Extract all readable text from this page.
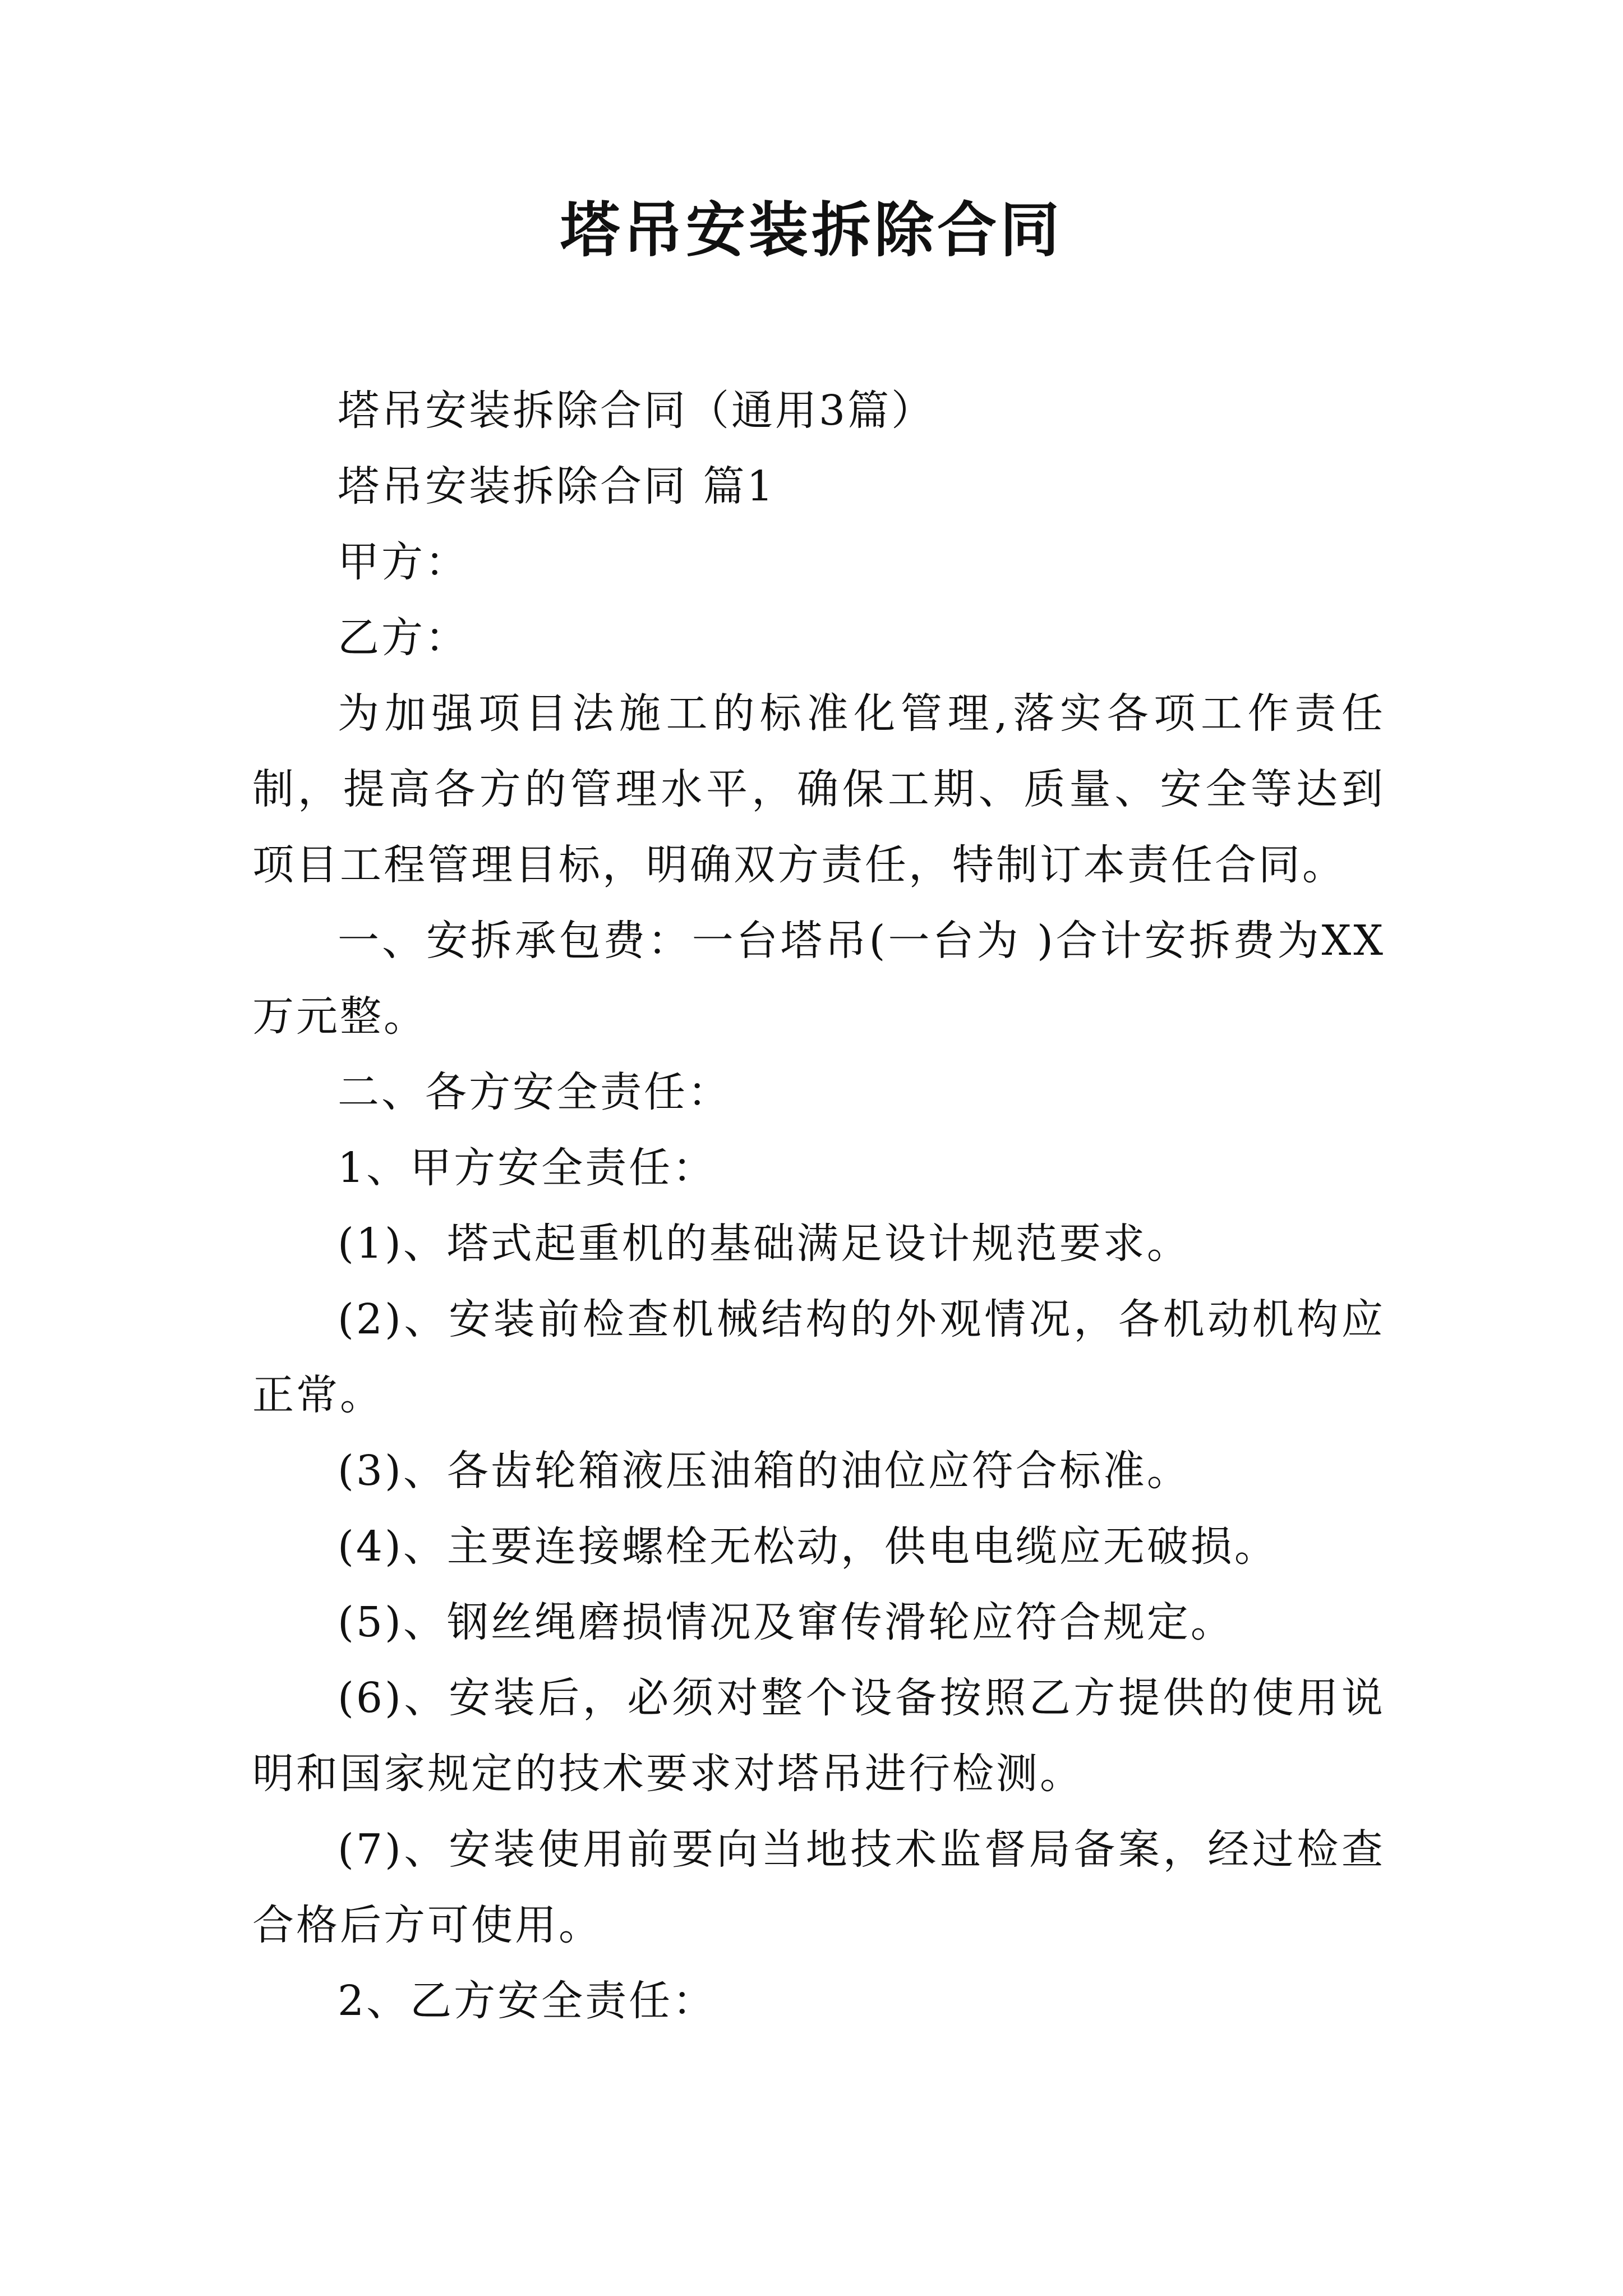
塔吊安装拆除合同

塔吊安装拆除合同（通用3篇）

塔吊安装拆除合同 篇1

甲方：

乙方：

为加强项目法施工的标准化管理,落实各项工作责任制，提高各方的管理水平，确保工期、质量、安全等达到项目工程管理目标，明确双方责任，特制订本责任合同。

一、安拆承包费：一台塔吊(一台为 )合计安拆费为XX万元整。

二、各方安全责任：

1、甲方安全责任：

(1)、塔式起重机的基础满足设计规范要求。

(2)、安装前检查机械结构的外观情况，各机动机构应正常。

(3)、各齿轮箱液压油箱的油位应符合标准。

(4)、主要连接螺栓无松动，供电电缆应无破损。

(5)、钢丝绳磨损情况及窜传滑轮应符合规定。

(6)、安装后，必须对整个设备按照乙方提供的使用说明和国家规定的技术要求对塔吊进行检测。

(7)、安装使用前要向当地技术监督局备案，经过检查合格后方可使用。

2、乙方安全责任：
